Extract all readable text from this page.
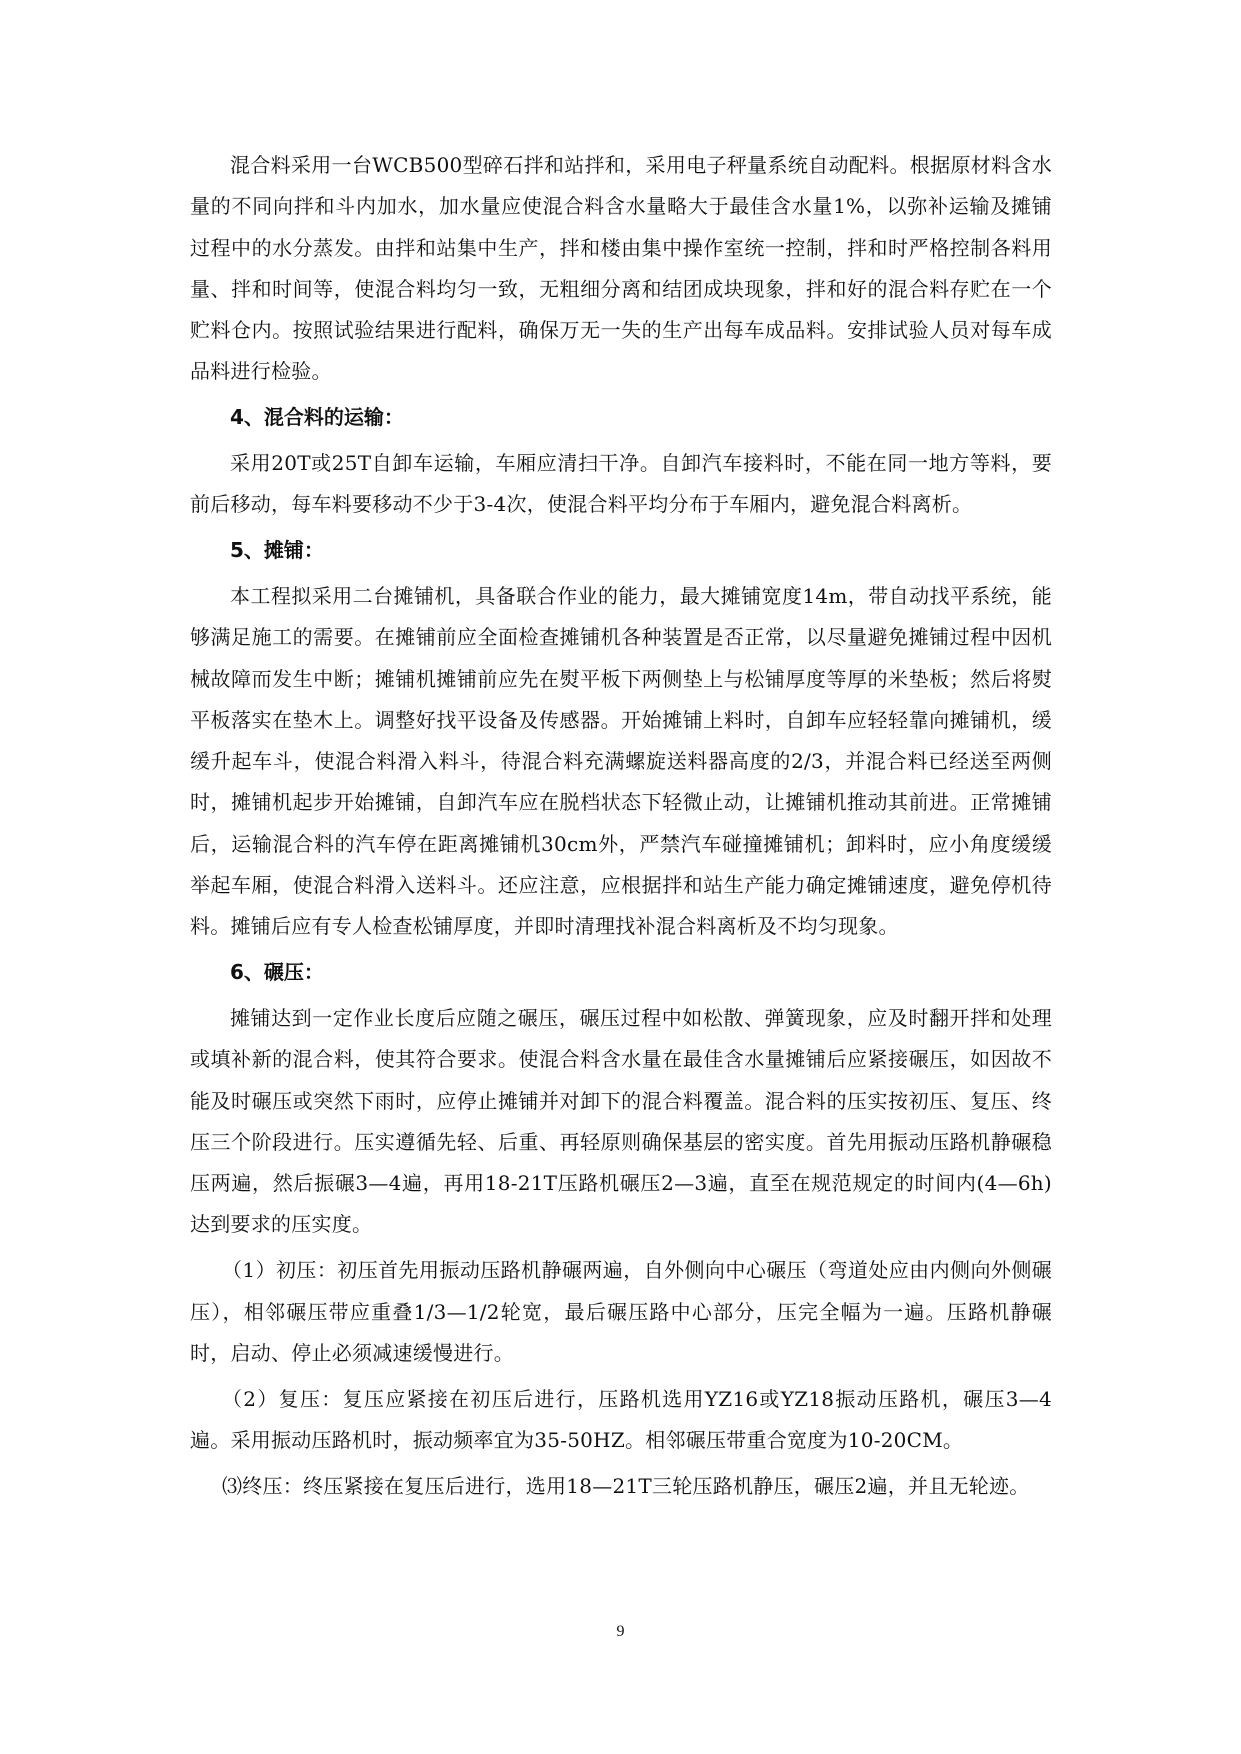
混合料采用一台WCB500型碎石拌和站拌和，采用电子秤量系统自动配料。根据原材料含水量的不同向拌和斗内加水，加水量应使混合料含水量略大于最佳含水量1%，以弥补运输及摊铺过程中的水分蒸发。由拌和站集中生产，拌和楼由集中操作室统一控制，拌和时严格控制各料用量、拌和时间等，使混合料均匀一致，无粗细分离和结团成块现象，拌和好的混合料存贮在一个贮料仓内。按照试验结果进行配料，确保万无一失的生产出每车成品料。安排试验人员对每车成品料进行检验。

4、混合料的运输：

采用20T或25T自卸车运输，车厢应清扫干净。自卸汽车接料时，不能在同一地方等料，要前后移动，每车料要移动不少于3-4次，使混合料平均分布于车厢内，避免混合料离析。

5、摊铺：

本工程拟采用二台摊铺机，具备联合作业的能力，最大摊铺宽度14m，带自动找平系统，能够满足施工的需要。在摊铺前应全面检查摊铺机各种装置是否正常，以尽量避免摊铺过程中因机械故障而发生中断；摊铺机摊铺前应先在熨平板下两侧垫上与松铺厚度等厚的米垫板；然后将熨平板落实在垫木上。调整好找平设备及传感器。开始摊铺上料时，自卸车应轻轻靠向摊铺机，缓缓升起车斗，使混合料滑入料斗，待混合料充满螺旋送料器高度的2/3，并混合料已经送至两侧时，摊铺机起步开始摊铺，自卸汽车应在脱档状态下轻微止动，让摊铺机推动其前进。正常摊铺后，运输混合料的汽车停在距离摊铺机30cm外，严禁汽车碰撞摊铺机；卸料时，应小角度缓缓举起车厢，使混合料滑入送料斗。还应注意，应根据拌和站生产能力确定摊铺速度，避免停机待料。摊铺后应有专人检查松铺厚度，并即时清理找补混合料离析及不均匀现象。

6、碾压：

摊铺达到一定作业长度后应随之碾压，碾压过程中如松散、弹簧现象，应及时翻开拌和处理或填补新的混合料，使其符合要求。使混合料含水量在最佳含水量摊铺后应紧接碾压，如因故不能及时碾压或突然下雨时，应停止摊铺并对卸下的混合料覆盖。混合料的压实按初压、复压、终压三个阶段进行。压实遵循先轻、后重、再轻原则确保基层的密实度。首先用振动压路机静碾稳压两遍，然后振碾3—4遍，再用18-21T压路机碾压2—3遍，直至在规范规定的时间内(4—6h)达到要求的压实度。

（1）初压：初压首先用振动压路机静碾两遍，自外侧向中心碾压（弯道处应由内侧向外侧碾压），相邻碾压带应重叠1/3—1/2轮宽，最后碾压路中心部分，压完全幅为一遍。压路机静碾时，启动、停止必须减速缓慢进行。

（2）复压：复压应紧接在初压后进行，压路机选用YZ16或YZ18振动压路机，碾压3—4遍。采用振动压路机时，振动频率宜为35-50HZ。相邻碾压带重合宽度为10-20CM。

⑶终压：终压紧接在复压后进行，选用18—21T三轮压路机静压，碾压2遍，并且无轮迹。

9
